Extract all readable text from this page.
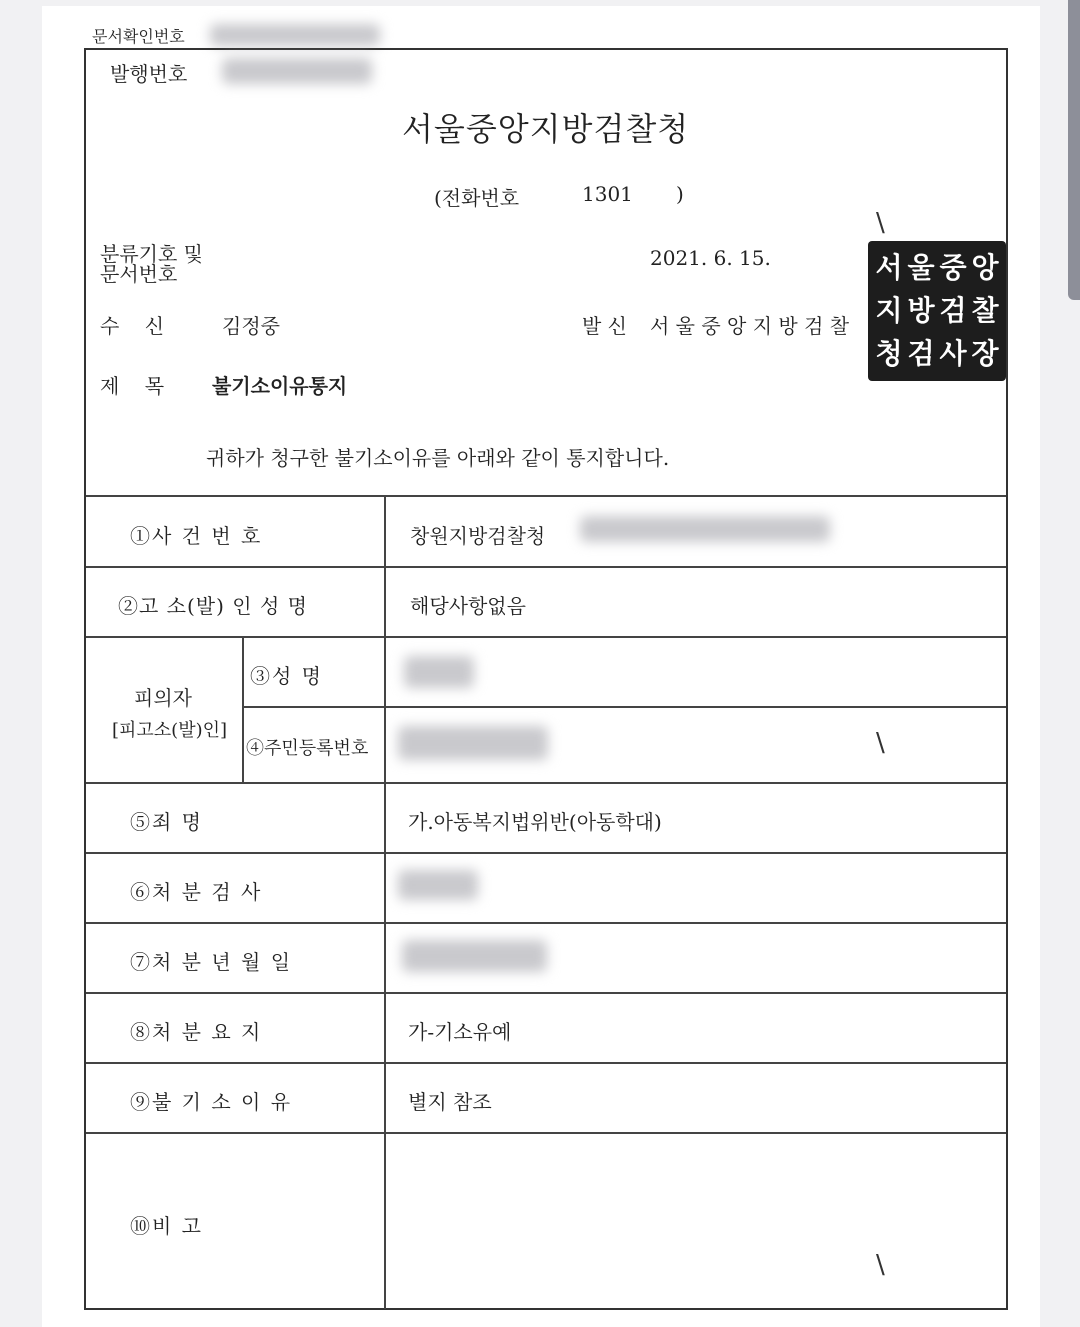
문서확인번호
발행번호
서울중앙지방검찰청
(전화번호	1301 )
분류기호 및
문서번호
2021. 6. 15.
수    신	김정중	발 신 서 울 중 앙 지 방 검 찰
제    목 불기소이유통지
귀하가 청구한 불기소이유를 아래와 같이 통지합니다.
서 울 중 앙
지 방 검 찰
청 검 사 장
\
\
\
①사 건 번 호	창원지방검찰청
②고 소(발) 인 성 명	해당사항없음
피의자
[피고소(발)인]
③성 명
④주민등록번호
⑤죄 명	가.아동복지법위반(아동학대)
⑥처 분 검 사
⑦처 분 년 월 일
⑧처 분 요 지	가-기소유예
⑨불 기 소 이 유	별지 참조
⑩비 고
